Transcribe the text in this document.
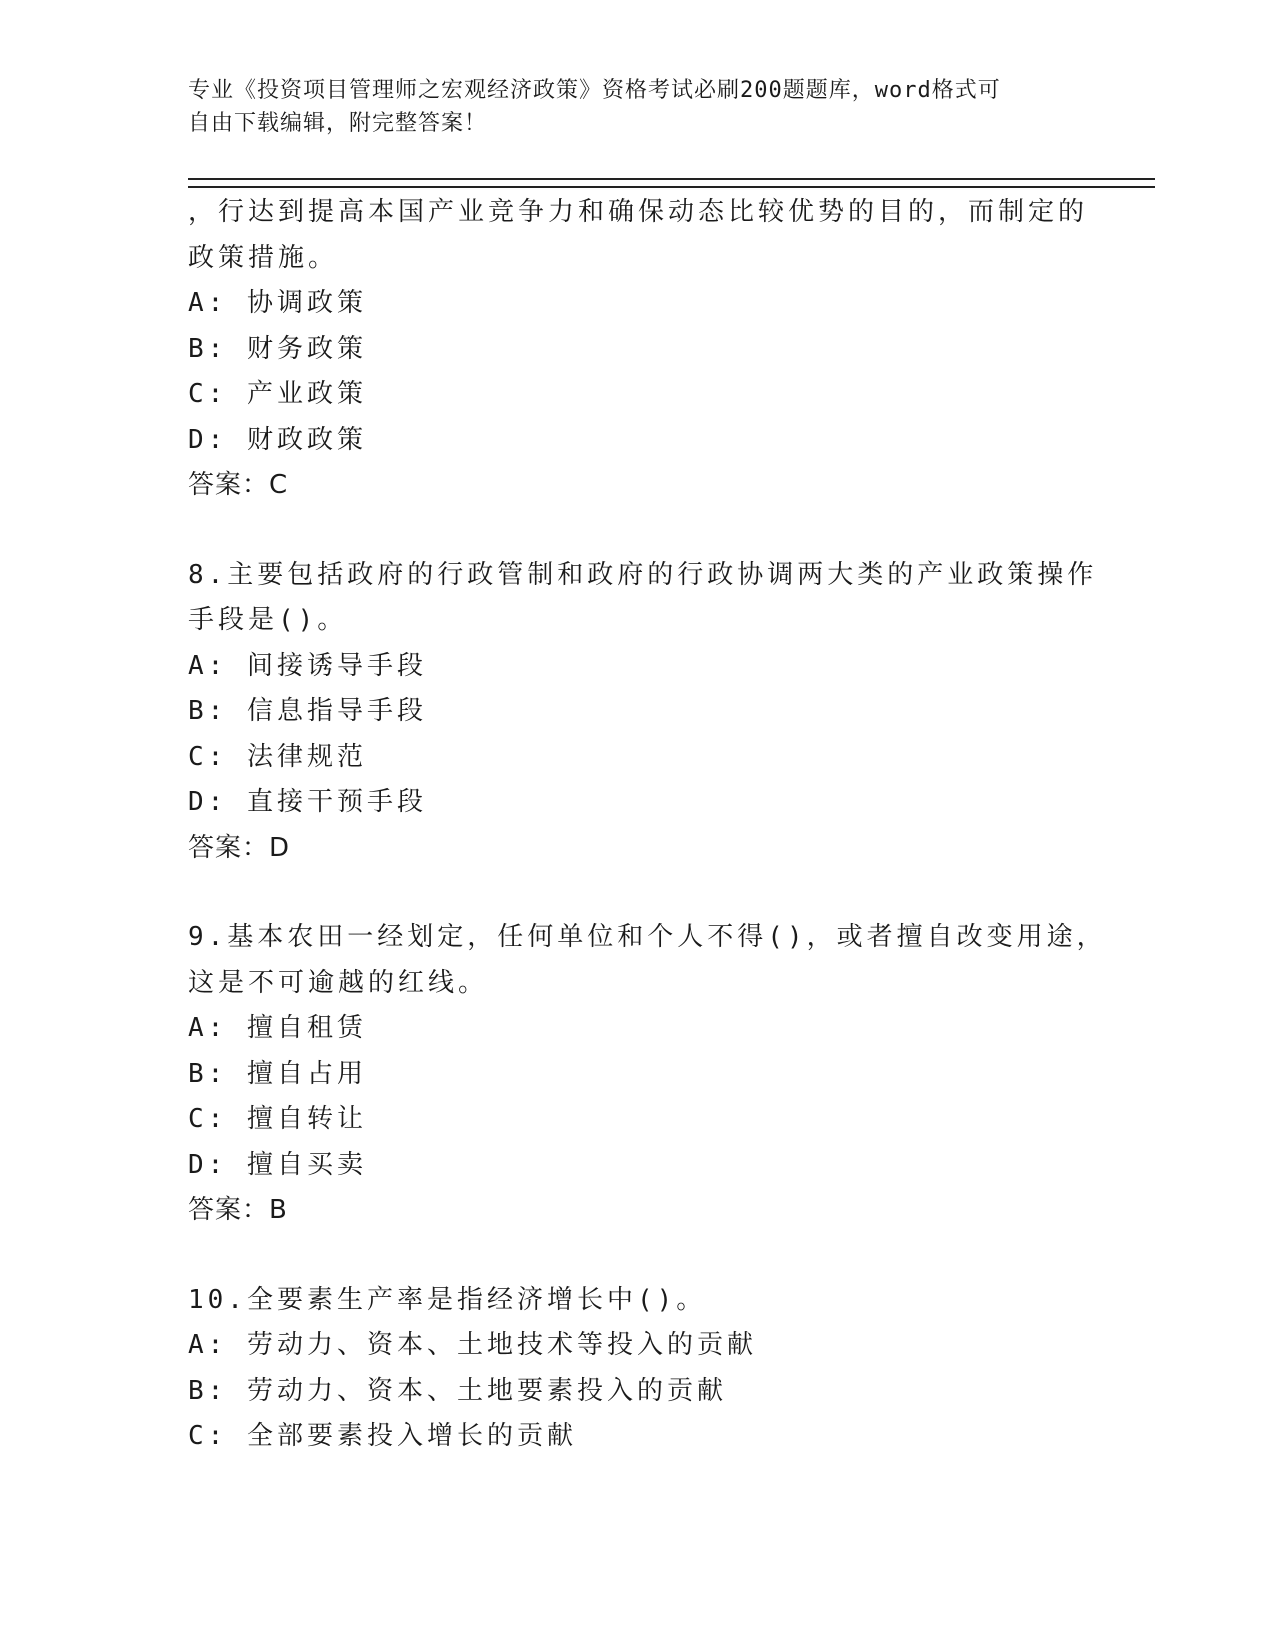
专业《投资项目管理师之宏观经济政策》资格考试必刷200题题库，word格式可
自由下载编辑，附完整答案！
，行达到提高本国产业竞争力和确保动态比较优势的目的，而制定的
政策措施。
A: 协调政策
B: 财务政策
C: 产业政策
D: 财政政策
答案：C
8.主要包括政府的行政管制和政府的行政协调两大类的产业政策操作
手段是()。
A: 间接诱导手段
B: 信息指导手段
C: 法律规范
D: 直接干预手段
答案：D
9.基本农田一经划定，任何单位和个人不得()，或者擅自改变用途，
这是不可逾越的红线。
A: 擅自租赁
B: 擅自占用
C: 擅自转让
D: 擅自买卖
答案：B
10.全要素生产率是指经济增长中()。
A: 劳动力、资本、土地技术等投入的贡献
B: 劳动力、资本、土地要素投入的贡献
C: 全部要素投入增长的贡献
